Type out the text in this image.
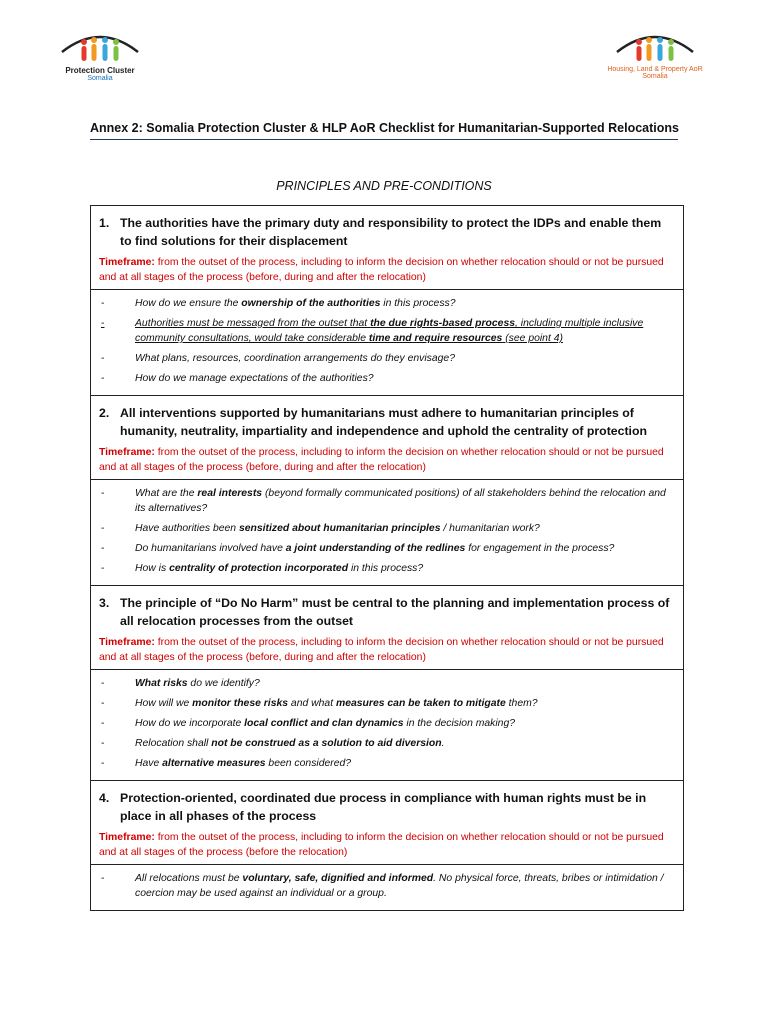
Protection Cluster
Somalia
Housing, Land & Property AoR
Somalia
Annex 2: Somalia Protection Cluster & HLP AoR Checklist for Humanitarian-Supported Relocations
PRINCIPLES AND PRE-CONDITIONS
1. The authorities have the primary duty and responsibility to protect the IDPs and enable them to find solutions for their displacement
Timeframe: from the outset of the process, including to inform the decision on whether relocation should or not be pursued and at all stages of the process (before, during and after the relocation)
-	How do we ensure the ownership of the authorities in this process?
-	Authorities must be messaged from the outset that the due rights-based process, including multiple inclusive community consultations, would take considerable time and require resources (see point 4)
-	What plans, resources, coordination arrangements do they envisage?
-	How do we manage expectations of the authorities?
2. All interventions supported by humanitarians must adhere to humanitarian principles of humanity, neutrality, impartiality and independence and uphold the centrality of protection
Timeframe: from the outset of the process, including to inform the decision on whether relocation should or not be pursued and at all stages of the process (before, during and after the relocation)
-	What are the real interests (beyond formally communicated positions) of all stakeholders behind the relocation and its alternatives?
-	Have authorities been sensitized about humanitarian principles / humanitarian work?
-	Do humanitarians involved have a joint understanding of the redlines for engagement in the process?
-	How is centrality of protection incorporated in this process?
3. The principle of “Do No Harm” must be central to the planning and implementation process of all relocation processes from the outset
Timeframe: from the outset of the process, including to inform the decision on whether relocation should or not be pursued and at all stages of the process (before, during and after the relocation)
-	What risks do we identify?
-	How will we monitor these risks and what measures can be taken to mitigate them?
-	How do we incorporate local conflict and clan dynamics in the decision making?
-	Relocation shall not be construed as a solution to aid diversion.
-	Have alternative measures been considered?
4. Protection-oriented, coordinated due process in compliance with human rights must be in place in all phases of the process
Timeframe: from the outset of the process, including to inform the decision on whether relocation should or not be pursued and at all stages of the process (before the relocation)
-	All relocations must be voluntary, safe, dignified and informed. No physical force, threats, bribes or intimidation / coercion may be used against an individual or a group.
